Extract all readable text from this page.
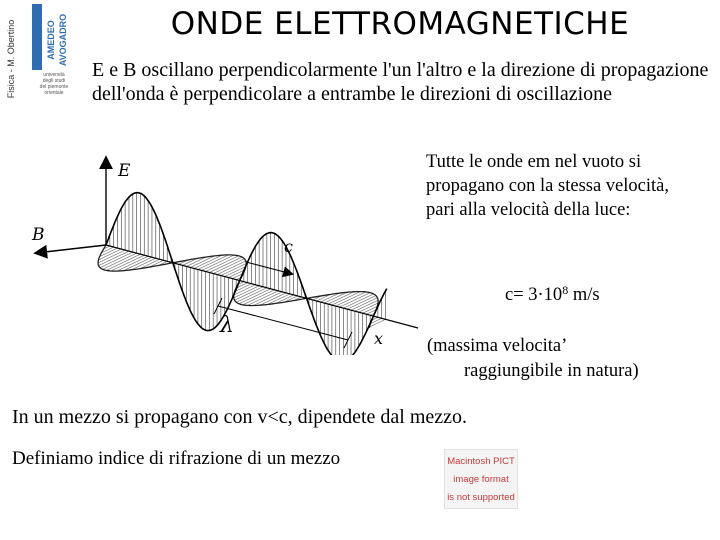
Fisica - M. Obertino	AMEDEO AVOGADRO
università
degli studi
del piemonte
orientale
ONDE ELETTROMAGNETICHE
E e B oscillano perpendicolarmente l'un l'altro e la direzione di propagazione dell'onda è perpendicolare a entrambe le direzioni di oscillazione
E
B
c
λ
x
Tutte le onde em nel vuoto si propagano con la stessa velocità, pari alla velocità della luce:
$c= 3\cdot 10^8$ m/s
(massima velocita’
raggiungibile in natura)
In un mezzo si propagano con v<c, dipendete dal mezzo.
Definiamo indice di rifrazione di un mezzo	Macintosh PICT
image format
is not supported
